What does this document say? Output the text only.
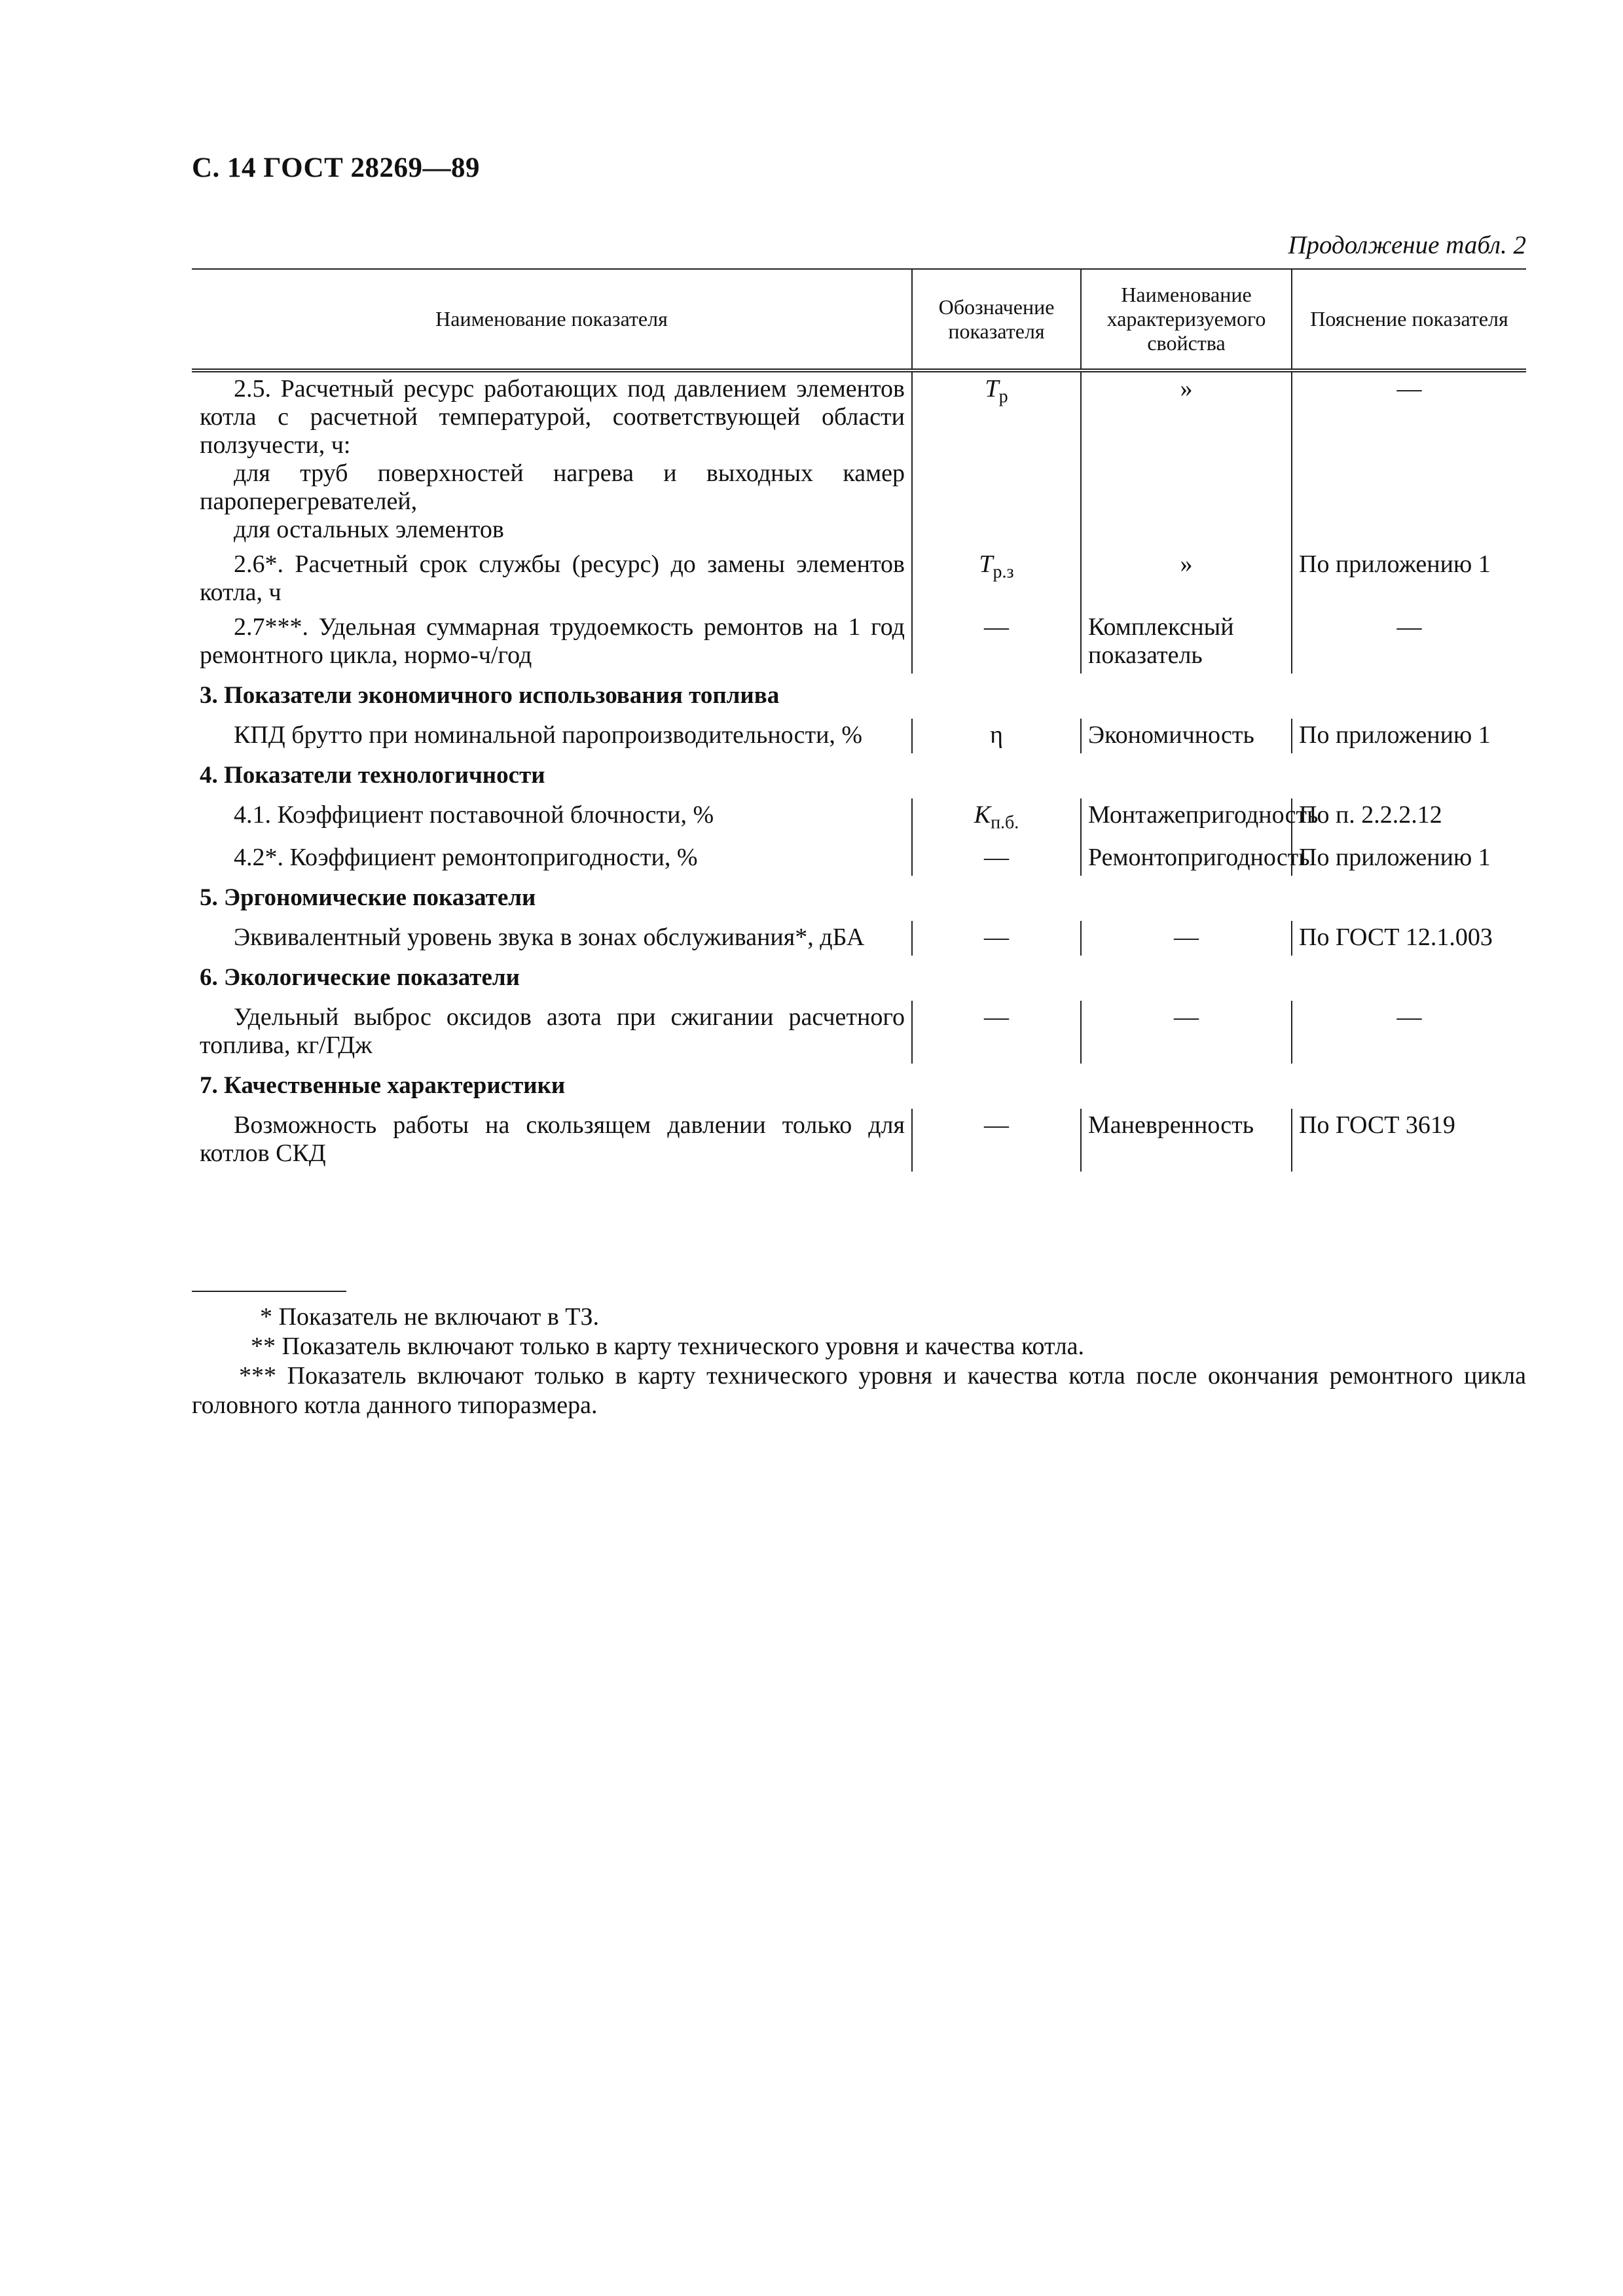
С. 14 ГОСТ 28269—89
Продолжение табл. 2
Наименование показателя	Обозначение показателя	Наименование характеризуемого свойства	Пояснение показателя

2.5. Расчетный ресурс работающих под давлением элементов котла с расчетной температурой, соответствующей области ползучести, ч:

для труб поверхностей нагрева и выходных камер пароперегревателей,

для остальных элементов	$T_р$	»	—
2.6*. Расчетный срок службы (ресурс) до замены элементов котла, ч	$T_{р.з}$	»	По приложению 1
2.7***. Удельная суммарная трудоемкость ремонтов на 1 год ремонтного цикла, нормо-ч/год	—	Комплексный показатель	—
3. Показатели экономичного использования топлива			
КПД брутто при номинальной паропроизводительности, %	η	Экономичность	По приложению 1
4. Показатели технологичности			
4.1. Коэффициент поставочной блочности, %	$K_{п.б.}$	Монтажепригодность	По п. 2.2.2.12
4.2*. Коэффициент ремонтопригодности, %	—	Ремонтопригодность	По приложению 1
5. Эргономические показатели			
Эквивалентный уровень звука в зонах обслуживания*, дБА	—	—	По ГОСТ 12.1.003
6. Экологические показатели			
Удельный выброс оксидов азота при сжигании расчетного топлива, кг/ГДж	—	—	—
7. Качественные характеристики			
Возможность работы на скользящем давлении только для котлов СКД	—	Маневренность	По ГОСТ 3619

* Показатель не включают в ТЗ.

** Показатель включают только в карту технического уровня и качества котла.

*** Показатель включают только в карту технического уровня и качества котла после окончания ремонтного цикла головного котла данного типоразмера.
